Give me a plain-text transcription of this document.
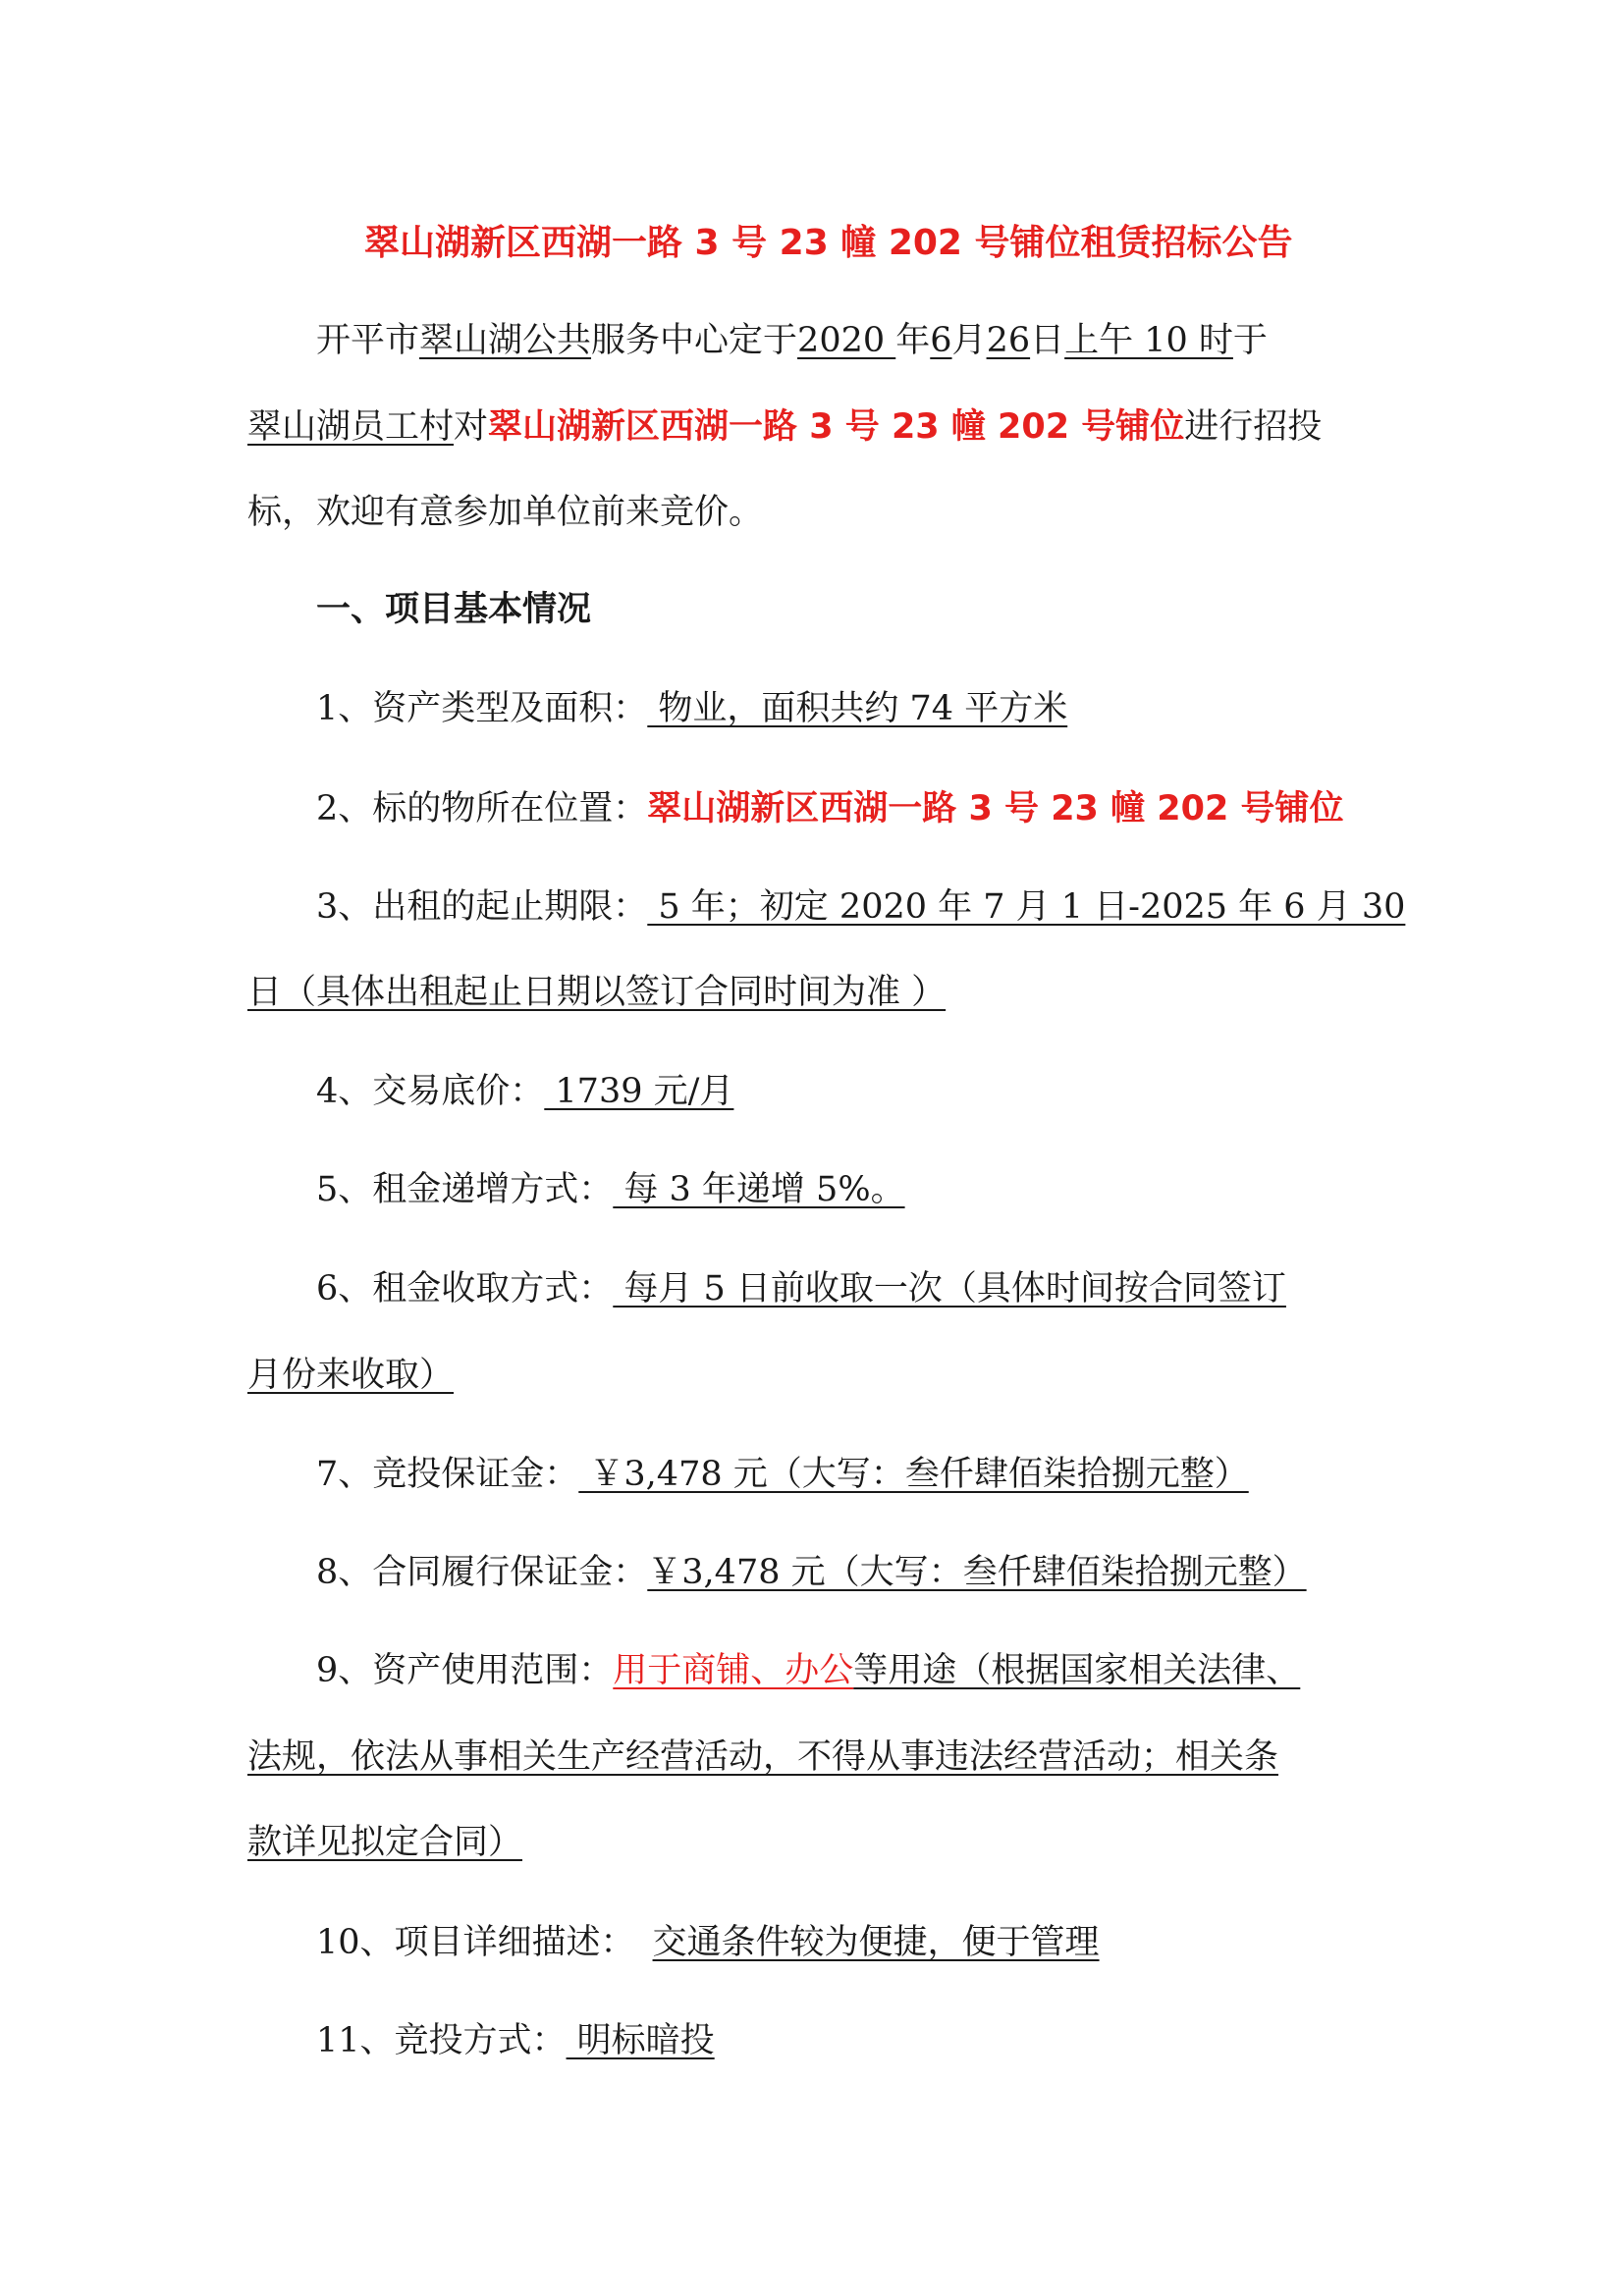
翠山湖新区西湖一路 3 号 23 幢 202 号铺位租赁招标公告
开平市翠山湖公共服务中心定于2020 年6月26日上午 10 时于
翠山湖员工村对翠山湖新区西湖一路 3 号 23 幢 202 号铺位进行招投
标，欢迎有意参加单位前来竞价。
一、项目基本情况
1、资产类型及面积： 物业，面积共约 74 平方米
2、标的物所在位置：翠山湖新区西湖一路 3 号 23 幢 202 号铺位
3、出租的起止期限： 5 年；初定 2020 年 7 月 1 日-2025 年 6 月 30
日（具体出租起止日期以签订合同时间为准 ）
4、交易底价： 1739 元/月
5、租金递增方式： 每 3 年递增 5%。
6、租金收取方式： 每月 5 日前收取一次（具体时间按合同签订
月份来收取）
7、竞投保证金： ￥3,478 元（大写：叁仟肆佰柒拾捌元整）
8、合同履行保证金：￥3,478 元（大写：叁仟肆佰柒拾捌元整）
9、资产使用范围：用于商铺、办公等用途（根据国家相关法律、
法规，依法从事相关生产经营活动，不得从事违法经营活动；相关条
款详见拟定合同）
10、项目详细描述： 交通条件较为便捷，便于管理
11、竞投方式： 明标暗投
